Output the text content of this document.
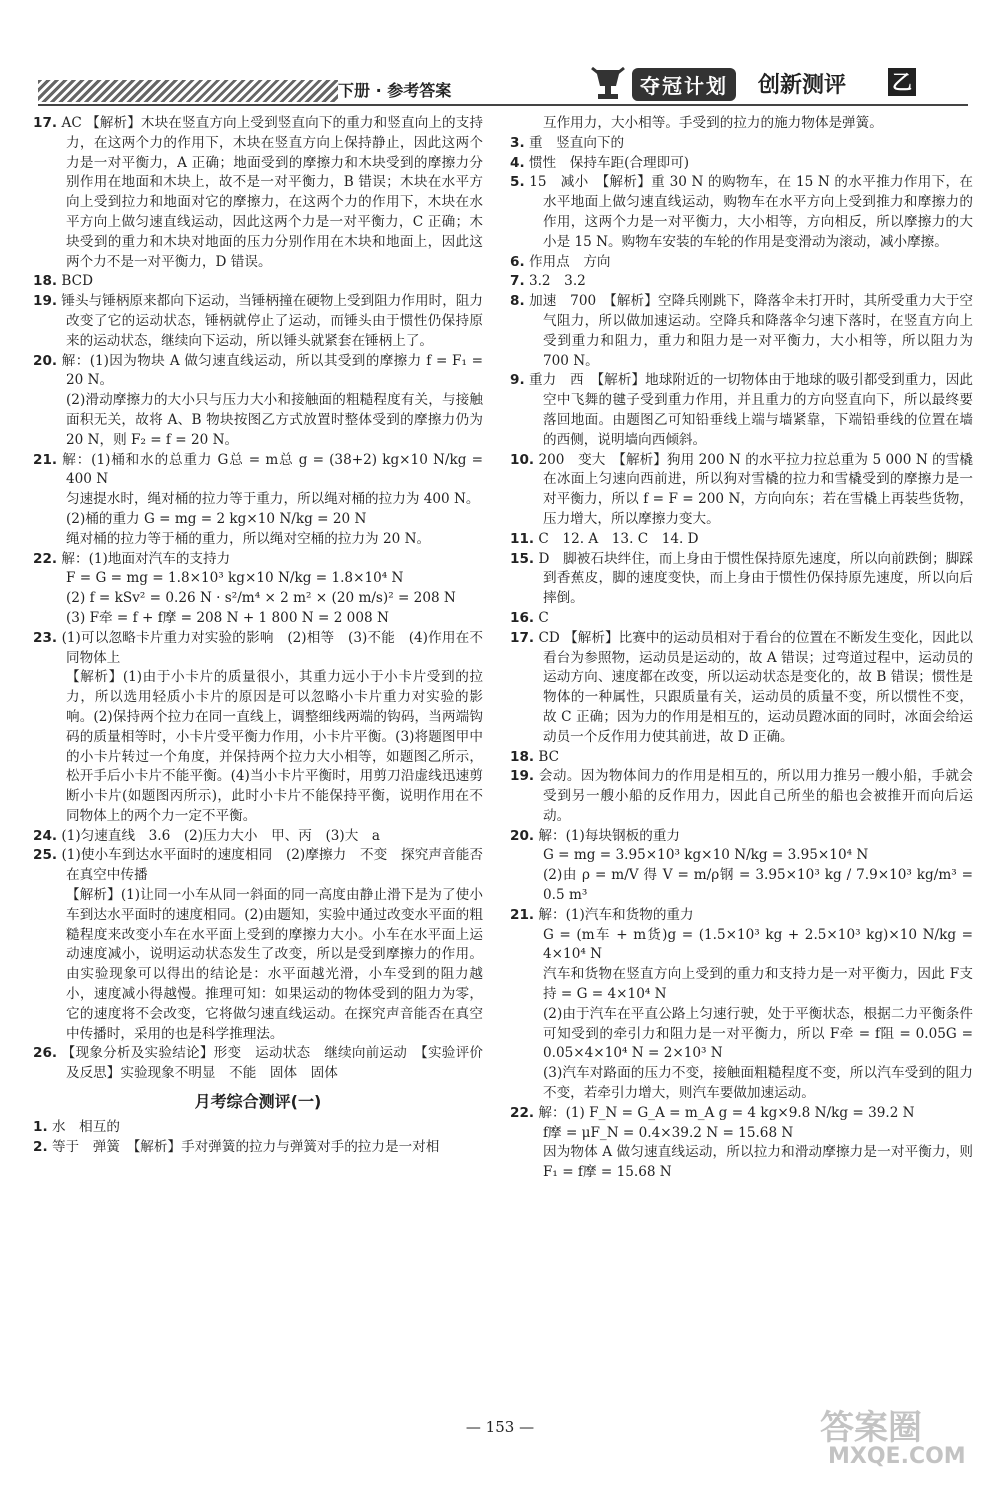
下册 · 参考答案	夺冠计划	创新测评 乙

17. AC 【解析】木块在竖直方向上受到竖直向下的重力和竖直向上的支持力，在这两个力的作用下，木块在竖直方向上保持静止，因此这两个力是一对平衡力，A 正确；地面受到的摩擦力和木块受到的摩擦力分别作用在地面和木块上，故不是一对平衡力，B 错误；木块在水平方向上受到拉力和地面对它的摩擦力，在这两个力的作用下，木块在水平方向上做匀速直线运动，因此这两个力是一对平衡力，C 正确；木块受到的重力和木块对地面的压力分别作用在木块和地面上，因此这两个力不是一对平衡力，D 错误。

18. BCD

19. 锤头与锤柄原来都向下运动，当锤柄撞在硬物上受到阻力作用时，阻力改变了它的运动状态，锤柄就停止了运动，而锤头由于惯性仍保持原来的运动状态，继续向下运动，所以锤头就紧套在锤柄上了。

20. 解：(1)因为物块 A 做匀速直线运动，所以其受到的摩擦力 f = F₁ = 20 N。

(2)滑动摩擦力的大小只与压力大小和接触面的粗糙程度有关，与接触面积无关，故将 A、B 物块按图乙方式放置时整体受到的摩擦力仍为 20 N，则 F₂ = f = 20 N。

21. 解：(1)桶和水的总重力 G总 = m总 g = (38+2) kg×10 N/kg = 400 N

匀速提水时，绳对桶的拉力等于重力，所以绳对桶的拉力为 400 N。

(2)桶的重力 G = mg = 2 kg×10 N/kg = 20 N

绳对桶的拉力等于桶的重力，所以绳对空桶的拉力为 20 N。

22. 解：(1)地面对汽车的支持力

F = G = mg = 1.8×10³ kg×10 N/kg = 1.8×10⁴ N

(2) f = kSv² = 0.26 N · s²/m⁴ × 2 m² × (20 m/s)² = 208 N

(3) F牵 = f + f摩 = 208 N + 1 800 N = 2 008 N

23. (1)可以忽略卡片重力对实验的影响　(2)相等　(3)不能　(4)作用在不同物体上

【解析】(1)由于小卡片的质量很小，其重力远小于小卡片受到的拉力，所以选用轻质小卡片的原因是可以忽略小卡片重力对实验的影响。(2)保持两个拉力在同一直线上，调整细线两端的钩码，当两端钩码的质量相等时，小卡片受平衡力作用，小卡片平衡。(3)将题图甲中的小卡片转过一个角度，并保持两个拉力大小相等，如题图乙所示，松开手后小卡片不能平衡。(4)当小卡片平衡时，用剪刀沿虚线迅速剪断小卡片(如题图丙所示)，此时小卡片不能保持平衡，说明作用在不同物体上的两个力一定不平衡。

24. (1)匀速直线　3.6　(2)压力大小　甲、丙　(3)大　a

25. (1)使小车到达水平面时的速度相同　(2)摩擦力　不变　探究声音能否在真空中传播

【解析】(1)让同一小车从同一斜面的同一高度由静止滑下是为了使小车到达水平面时的速度相同。(2)由题知，实验中通过改变水平面的粗糙程度来改变小车在水平面上受到的摩擦力大小。小车在水平面上运动速度减小，说明运动状态发生了改变，所以是受到摩擦力的作用。由实验现象可以得出的结论是：水平面越光滑，小车受到的阻力越小，速度减小得越慢。推理可知：如果运动的物体受到的阻力为零，它的速度将不会改变，它将做匀速直线运动。在探究声音能否在真空中传播时，采用的也是科学推理法。

26. 【现象分析及实验结论】形变　运动状态　继续向前运动　【实验评价及反思】实验现象不明显　不能　固体　固体

月考综合测评(一)

1. 水　相互的

2. 等于　弹簧　【解析】手对弹簧的拉力与弹簧对手的拉力是一对相

互作用力，大小相等。手受到的拉力的施力物体是弹簧。

3. 重　竖直向下的

4. 惯性　保持车距(合理即可)

5. 15　减小　【解析】重 30 N 的购物车，在 15 N 的水平推力作用下，在水平地面上做匀速直线运动，购物车在水平方向上受到推力和摩擦力的作用，这两个力是一对平衡力，大小相等，方向相反，所以摩擦力的大小是 15 N。购物车安装的车轮的作用是变滑动为滚动，减小摩擦。

6. 作用点　方向

7. 3.2　3.2

8. 加速　700　【解析】空降兵刚跳下，降落伞未打开时，其所受重力大于空气阻力，所以做加速运动。空降兵和降落伞匀速下落时，在竖直方向上受到重力和阻力，重力和阻力是一对平衡力，大小相等，所以阻力为 700 N。

9. 重力　西　【解析】地球附近的一切物体由于地球的吸引都受到重力，因此空中飞舞的毽子受到重力作用，并且重力的方向竖直向下，所以最终要落回地面。由题图乙可知铅垂线上端与墙紧靠，下端铅垂线的位置在墙的西侧，说明墙向西倾斜。

10. 200　变大　【解析】狗用 200 N 的水平拉力拉总重为 5 000 N 的雪橇在冰面上匀速向西前进，所以狗对雪橇的拉力和雪橇受到的摩擦力是一对平衡力，所以 f = F = 200 N，方向向东；若在雪橇上再装些货物，压力增大，所以摩擦力变大。

11. C　12. A　13. C　14. D

15. D　脚被石块绊住，而上身由于惯性保持原先速度，所以向前跌倒；脚踩到香蕉皮，脚的速度变快，而上身由于惯性仍保持原先速度，所以向后摔倒。

16. C

17. CD 【解析】比赛中的运动员相对于看台的位置在不断发生变化，因此以看台为参照物，运动员是运动的，故 A 错误；过弯道过程中，运动员的运动方向、速度都在改变，所以运动状态是变化的，故 B 错误；惯性是物体的一种属性，只跟质量有关，运动员的质量不变，所以惯性不变，故 C 正确；因为力的作用是相互的，运动员蹬冰面的同时，冰面会给运动员一个反作用力使其前进，故 D 正确。

18. BC

19. 会动。因为物体间力的作用是相互的，所以用力推另一艘小船，手就会受到另一艘小船的反作用力，因此自己所坐的船也会被推开而向后运动。

20. 解：(1)每块钢板的重力

G = mg = 3.95×10³ kg×10 N/kg = 3.95×10⁴ N

(2)由 ρ = m/V 得 V = m/ρ钢 = 3.95×10³ kg / 7.9×10³ kg/m³ = 0.5 m³

21. 解：(1)汽车和货物的重力

G = (m车 + m货)g = (1.5×10³ kg + 2.5×10³ kg)×10 N/kg = 4×10⁴ N

汽车和货物在竖直方向上受到的重力和支持力是一对平衡力，因此 F支持 = G = 4×10⁴ N

(2)由于汽车在平直公路上匀速行驶，处于平衡状态，根据二力平衡条件可知受到的牵引力和阻力是一对平衡力，所以 F牵 = f阻 = 0.05G = 0.05×4×10⁴ N = 2×10³ N

(3)汽车对路面的压力不变，接触面粗糙程度不变，所以汽车受到的阻力不变，若牵引力增大，则汽车要做加速运动。

22. 解：(1) F_N = G_A = m_A g = 4 kg×9.8 N/kg = 39.2 N

f摩 = μF_N = 0.4×39.2 N = 15.68 N

因为物体 A 做匀速直线运动，所以拉力和滑动摩擦力是一对平衡力，则 F₁ = f摩 = 15.68 N

— 153 —	答案圈
MXQE.COM
